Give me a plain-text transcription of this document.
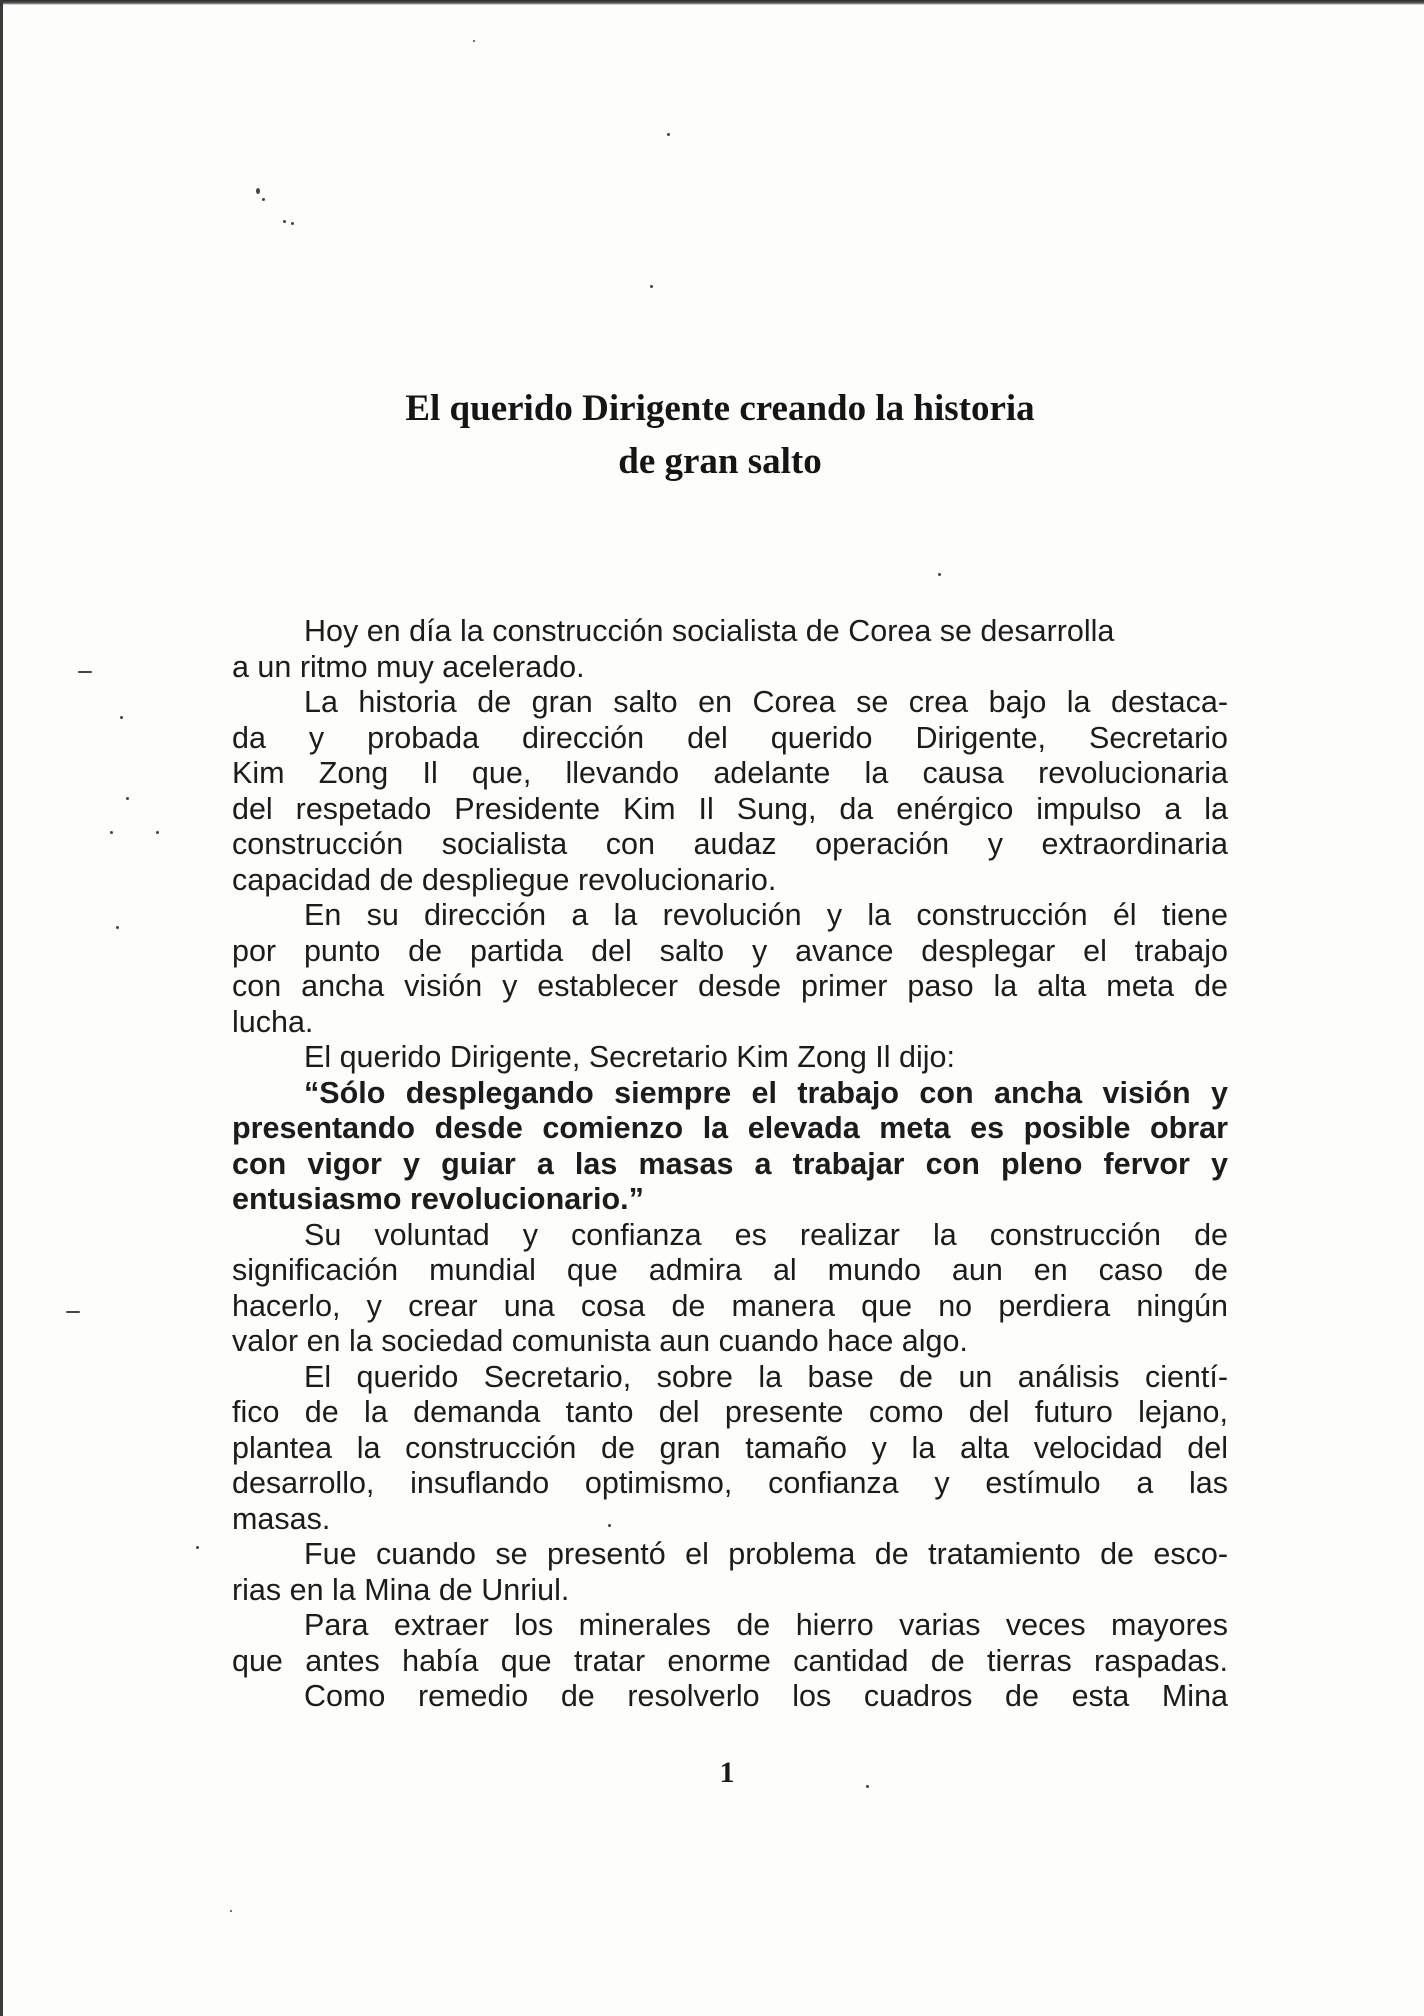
El querido Dirigente creando la historia
de gran salto
Hoy en día la construcción socialista de Corea se desarrolla
a un ritmo muy acelerado.
La historia de gran salto en Corea se crea bajo la destaca-
da y probada dirección del querido Dirigente, Secretario
Kim Zong Il que, llevando adelante la causa revolucionaria
del respetado Presidente Kim Il Sung, da enérgico impulso a la
construcción socialista con audaz operación y extraordinaria
capacidad de despliegue revolucionario.
En su dirección a la revolución y la construcción él tiene
por punto de partida del salto y avance desplegar el trabajo
con ancha visión y establecer desde primer paso la alta meta de
lucha.
El querido Dirigente, Secretario Kim Zong Il dijo:
“Sólo desplegando siempre el trabajo con ancha visión y
presentando desde comienzo la elevada meta es posible obrar
con vigor y guiar a las masas a trabajar con pleno fervor y
entusiasmo revolucionario.”
Su voluntad y confianza es realizar la construcción de
significación mundial que admira al mundo aun en caso de
hacerlo, y crear una cosa de manera que no perdiera ningún
valor en la sociedad comunista aun cuando hace algo.
El querido Secretario, sobre la base de un análisis cientí-
fico de la demanda tanto del presente como del futuro lejano,
plantea la construcción de gran tamaño y la alta velocidad del
desarrollo, insuflando optimismo, confianza y estímulo a las
masas.
Fue cuando se presentó el problema de tratamiento de esco-
rias en la Mina de Unriul.
Para extraer los minerales de hierro varias veces mayores
que antes había que tratar enorme cantidad de tierras raspadas.
Como remedio de resolverlo los cuadros de esta Mina
1
